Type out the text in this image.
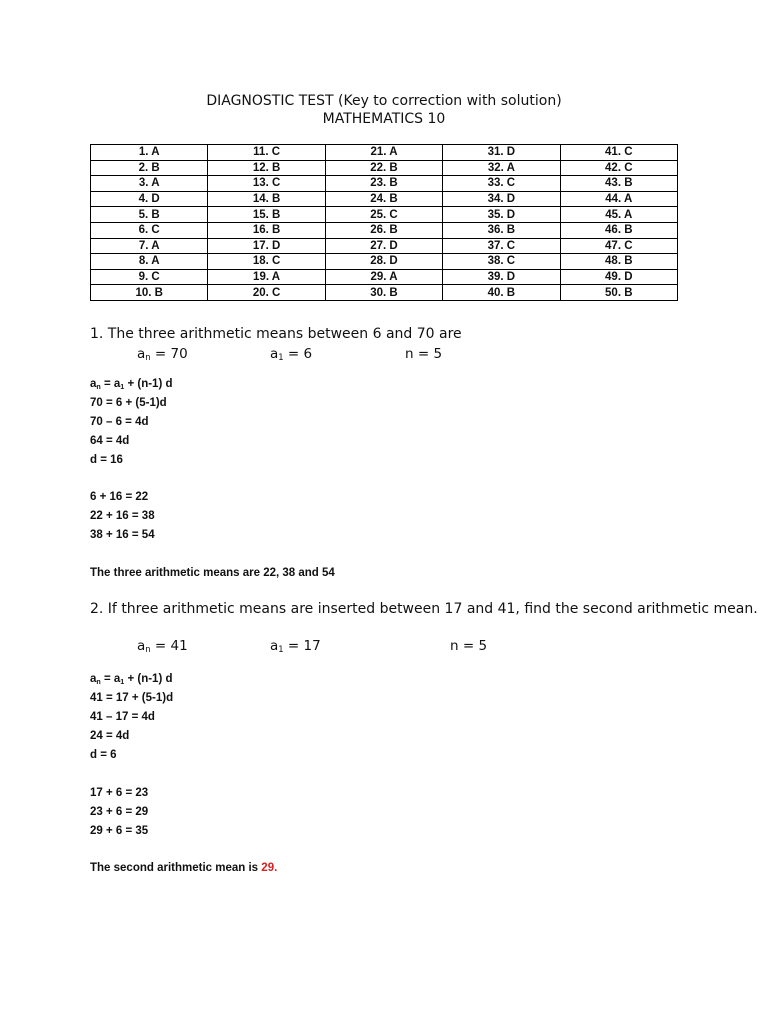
DIAGNOSTIC TEST (Key to correction with solution)
MATHEMATICS 10
1. A	11. C	21. A	31. D	41. C
2. B	12. B	22. B	32. A	42. C
3. A	13. C	23. B	33. C	43. B
4. D	14. B	24. B	34. D	44. A
5. B	15. B	25. C	35. D	45. A
6. C	16. B	26. B	36. B	46. B
7. A	17. D	27. D	37. C	47. C
8. A	18. C	28. D	38. C	48. B
9. C	19. A	29. A	39. D	49. D
10. B	20. C	30. B	40. B	50. B
1. The three arithmetic means between 6 and 70 are
$a_n = 70$	$a_1 = 6$	n = 5
$a_n = a_1 + (n-1)$ d
70 = 6 + (5-1)d
70 – 6 = 4d
64 = 4d
d = 16
6 + 16 = 22
22 + 16 = 38
38 + 16 = 54
The three arithmetic means are 22, 38 and 54
2. If three arithmetic means are inserted between 17 and 41, find the second arithmetic mean.
$a_n = 41$	$a_1 = 17$	n = 5
$a_n = a_1 + (n-1)$ d
41 = 17 + (5-1)d
41 – 17 = 4d
24 = 4d
d = 6
17 + 6 = 23
23 + 6 = 29
29 + 6 = 35
The second arithmetic mean is 29.
